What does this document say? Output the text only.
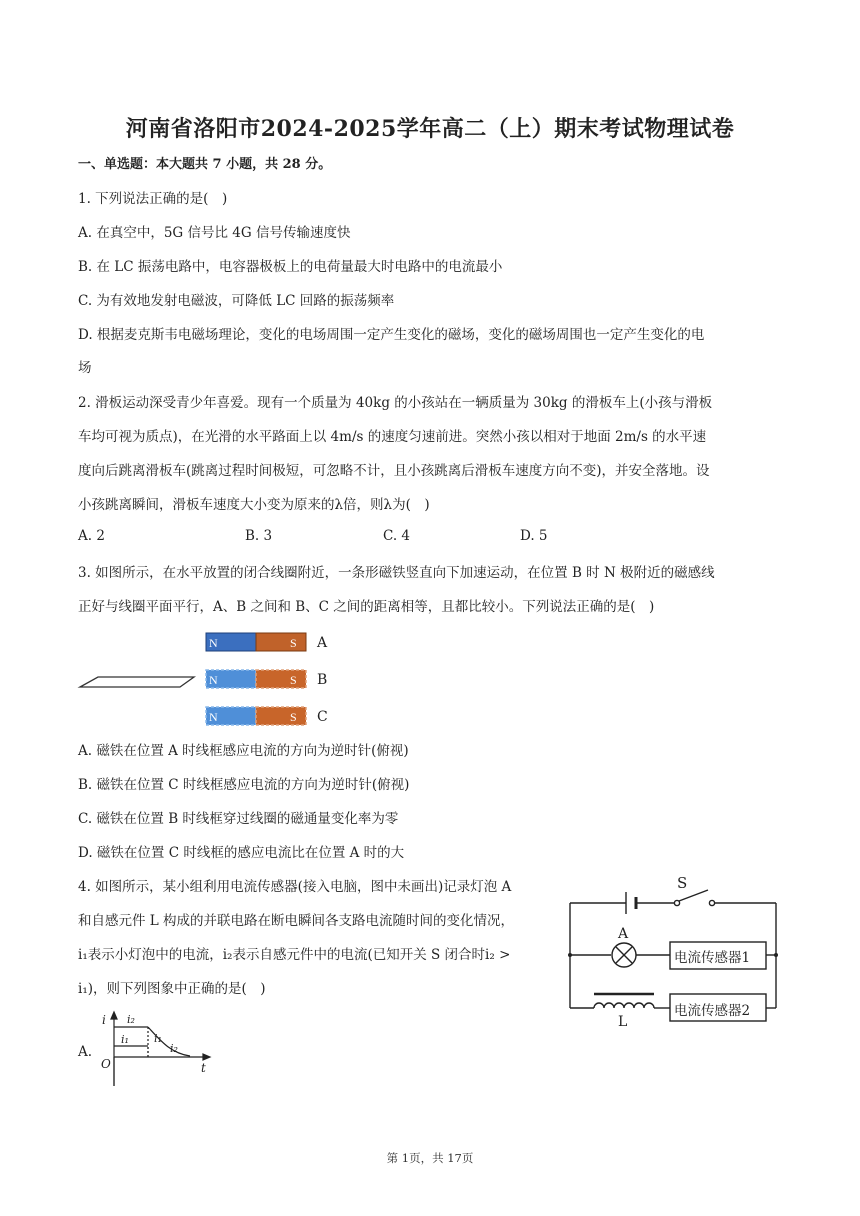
河南省洛阳市2024-2025学年高二（上）期末考试物理试卷
一、单选题：本大题共 7 小题，共 28 分。
1. 下列说法正确的是(　)
A. 在真空中，5G 信号比 4G 信号传输速度快
B. 在 LC 振荡电路中，电容器极板上的电荷量最大时电路中的电流最小
C. 为有效地发射电磁波，可降低 LC 回路的振荡频率
D. 根据麦克斯韦电磁场理论，变化的电场周围一定产生变化的磁场，变化的磁场周围也一定产生变化的电
场
2. 滑板运动深受青少年喜爱。现有一个质量为 40kg 的小孩站在一辆质量为 30kg 的滑板车上(小孩与滑板
车均可视为质点)，在光滑的水平路面上以 4m/s 的速度匀速前进。突然小孩以相对于地面 2m/s 的水平速
度向后跳离滑板车(跳离过程时间极短，可忽略不计，且小孩跳离后滑板车速度方向不变)，并安全落地。设
小孩跳离瞬间，滑板车速度大小变为原来的λ倍，则λ为(　)
A. 2	B. 3	C. 4	D. 5
3. 如图所示，在水平放置的闭合线圈附近，一条形磁铁竖直向下加速运动，在位置 B 时 N 极附近的磁感线
正好与线圈平面平行，A、B 之间和 B、C 之间的距离相等，且都比较小。下列说法正确的是(　)
N	S A
N	S B
N	S C
A. 磁铁在位置 A 时线框感应电流的方向为逆时针(俯视)
B. 磁铁在位置 C 时线框感应电流的方向为逆时针(俯视)
C. 磁铁在位置 B 时线框穿过线圈的磁通量变化率为零
D. 磁铁在位置 C 时线框的感应电流比在位置 A 时的大
4. 如图所示，某小组利用电流传感器(接入电脑，图中未画出)记录灯泡 A
和自感元件 L 构成的并联电路在断电瞬间各支路电流随时间的变化情况，
i₁表示小灯泡中的电流，i₂表示自感元件中的电流(已知开关 S 闭合时i₂ >
i₁)，则下列图象中正确的是(　)
S
A
L
电流传感器1
电流传感器2
A.
i
O	t
i₂
i₁ i₁
i₂
第 1页，共 17页
